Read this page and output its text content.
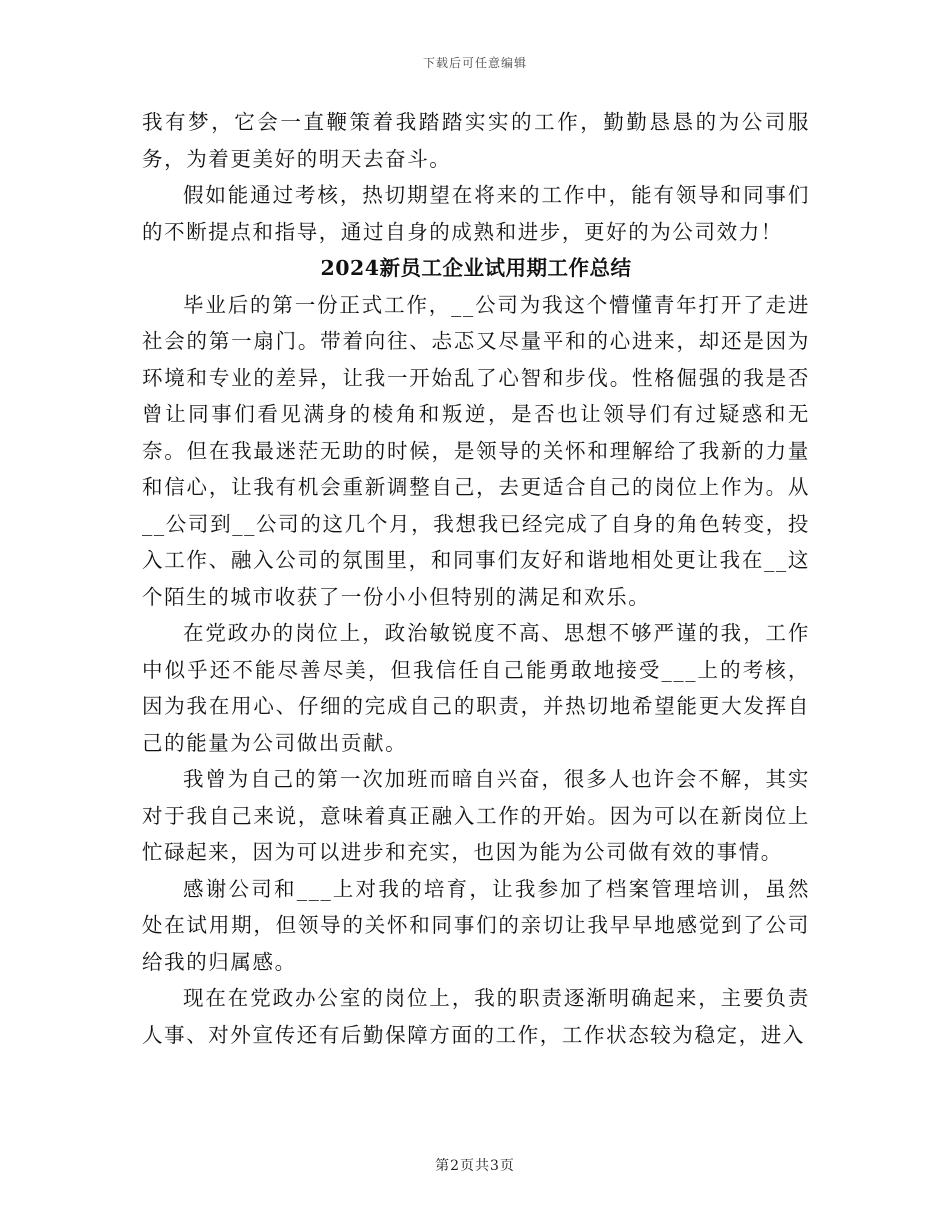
下载后可任意编辑

我有梦，它会一直鞭策着我踏踏实实的工作，勤勤恳恳的为公司服务，为着更美好的明天去奋斗。

假如能通过考核，热切期望在将来的工作中，能有领导和同事们的不断提点和指导，通过自身的成熟和进步，更好的为公司效力！

2024新员工企业试用期工作总结

毕业后的第一份正式工作，__公司为我这个懵懂青年打开了走进社会的第一扇门。带着向往、忐忑又尽量平和的心进来，却还是因为环境和专业的差异，让我一开始乱了心智和步伐。性格倔强的我是否曾让同事们看见满身的棱角和叛逆，是否也让领导们有过疑惑和无奈。但在我最迷茫无助的时候，是领导的关怀和理解给了我新的力量和信心，让我有机会重新调整自己，去更适合自己的岗位上作为。从__公司到__公司的这几个月，我想我已经完成了自身的角色转变，投入工作、融入公司的氛围里，和同事们友好和谐地相处更让我在__这个陌生的城市收获了一份小小但特别的满足和欢乐。

在党政办的岗位上，政治敏锐度不高、思想不够严谨的我，工作中似乎还不能尽善尽美，但我信任自己能勇敢地接受___上的考核，因为我在用心、仔细的完成自己的职责，并热切地希望能更大发挥自己的能量为公司做出贡献。

我曾为自己的第一次加班而暗自兴奋，很多人也许会不解，其实对于我自己来说，意味着真正融入工作的开始。因为可以在新岗位上忙碌起来，因为可以进步和充实，也因为能为公司做有效的事情。

感谢公司和___上对我的培育，让我参加了档案管理培训，虽然处在试用期，但领导的关怀和同事们的亲切让我早早地感觉到了公司给我的归属感。

现在在党政办公室的岗位上，我的职责逐渐明确起来，主要负责人事、对外宣传还有后勤保障方面的工作，工作状态较为稳定，进入

第2页共3页
